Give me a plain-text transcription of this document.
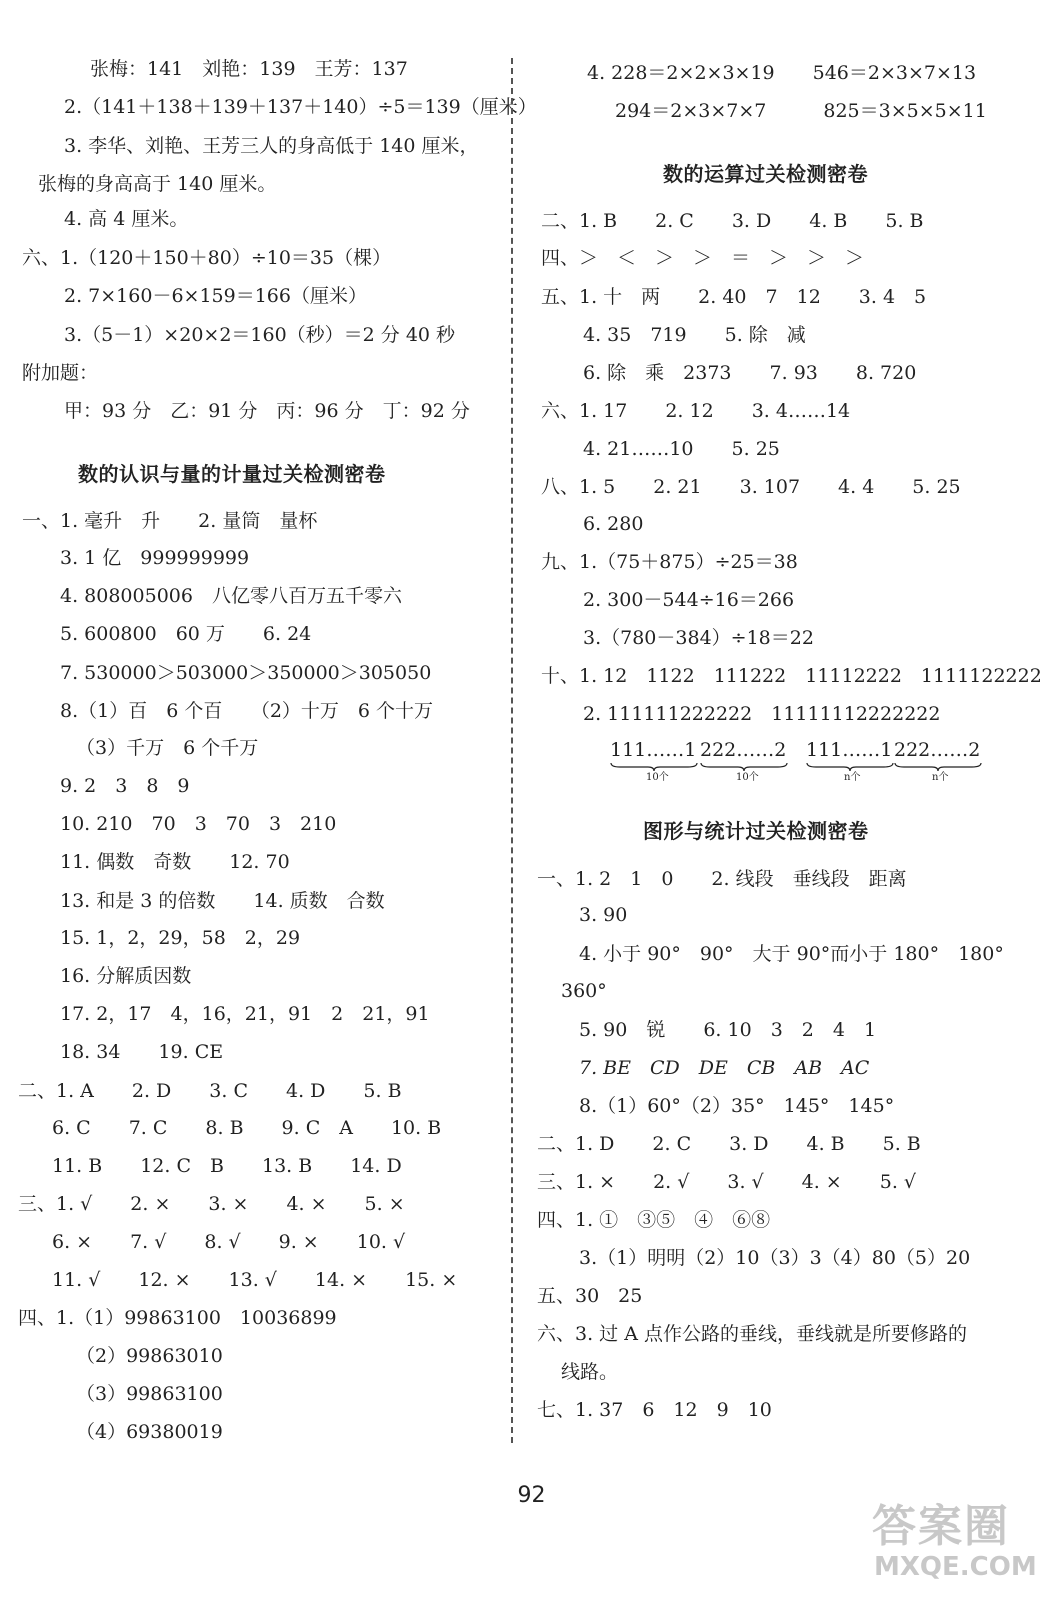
张梅：141　刘艳：139　王芳：137
2.（141＋138＋139＋137＋140）÷5＝139（厘米）
3. 李华、刘艳、王芳三人的身高低于 140 厘米，
张梅的身高高于 140 厘米。
4. 高 4 厘米。
六、1.（120＋150＋80）÷10＝35（棵）
2. 7×160－6×159＝166（厘米）
3.（5－1）×20×2＝160（秒）＝2 分 40 秒
附加题：
甲：93 分　乙：91 分　丙：96 分　丁：92 分
数的认识与量的计量过关检测密卷
一、1. 毫升　升　　2. 量筒　量杯
3. 1 亿　999999999
4. 808005006　八亿零八百万五千零六
5. 600800　60 万　　6. 24
7. 530000＞503000＞350000＞305050
8.（1）百　6 个百　　（2）十万　6 个十万
（3）千万　6 个千万
9. 2　3　8　9
10. 210　70　3　70　3　210
11. 偶数　奇数　　12. 70
13. 和是 3 的倍数　　14. 质数　合数
15. 1，2，29，58　2，29
16. 分解质因数
17. 2，17　4，16，21，91　2　21，91
18. 34　　19. CE
二、1. A　　2. D　　3. C　　4. D　　5. B
6. C　　7. C　　8. B　　9. C　A　　10. B
11. B　　12. C　B　　13. B　　14. D
三、1. √　　2. ×　　3. ×　　4. ×　　5. ×
6. ×　　7. √　　8. √　　9. ×　　10. √
11. √　　12. ×　　13. √　　14. ×　　15. ×
四、1.（1）99863100　10036899
（2）99863010
（3）99863100
（4）69380019
4. 228＝2×2×3×19　　546＝2×3×7×13
294＝2×3×7×7　　　825＝3×5×5×11
数的运算过关检测密卷
二、1. B　　2. C　　3. D　　4. B　　5. B
四、＞　＜　＞　＞　＝　＞　＞　＞
五、1. 十　两　　2. 40　7　12　　3. 4　5
4. 35　719　　5. 除　减
6. 除　乘　2373　　7. 93　　8. 720
六、1. 17　　2. 12　　3. 4……14
4. 21……10　　5. 25
八、1. 5　　2. 21　　3. 107　　4. 4　　5. 25
6. 280
九、1.（75＋875）÷25＝38
2. 300－544÷16＝266
3.（780－384）÷18＝22
十、1. 12　1122　111222　11112222　1111122222
2. 111111222222　11111112222222
图形与统计过关检测密卷
一、1. 2　1　0　　2. 线段　垂线段　距离
3. 90
4. 小于 90°　90°　大于 90°而小于 180°　180°
360°
5. 90　锐　　6. 10　3　2　4　1
7. BE　CD　DE　CB　AB　AC
8.（1）60°（2）35°　145°　145°
二、1. D　　2. C　　3. D　　4. B　　5. B
三、1. ×　　2. √　　3. √　　4. ×　　5. √
四、1. ①　③⑤　④　⑥⑧
3.（1）明明（2）10（3）3（4）80（5）20
五、30　25
六、3. 过 A 点作公路的垂线，垂线就是所要修路的
线路。
七、1. 37　6　12　9　10
111……1
10个
222……2
10个
111……1
n个
222……2
n个
92
答案圈
MXQE.COM
